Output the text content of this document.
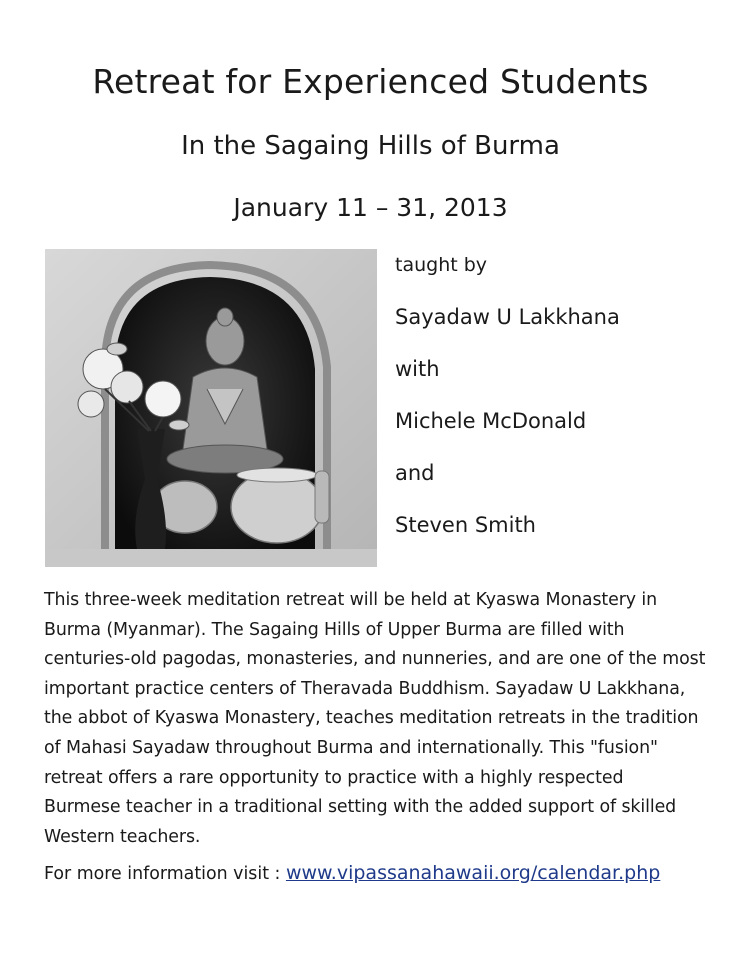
Retreat for Experienced Students
In the Sagaing Hills of Burma
January 11 – 31, 2013
taught by
Sayadaw U Lakkhana
with
Michele McDonald
and
Steven Smith
This three-week meditation retreat will be held at Kyaswa Monastery in
Burma (Myanmar). The Sagaing Hills of Upper Burma are filled with
centuries-old pagodas, monasteries, and nunneries, and are one of the most
important practice centers of Theravada Buddhism. Sayadaw U Lakkhana,
the abbot of Kyaswa Monastery, teaches meditation retreats in the tradition
of Mahasi Sayadaw throughout Burma and internationally. This "fusion"
retreat offers a rare opportunity to practice with a highly respected
Burmese teacher in a traditional setting with the added support of skilled
Western teachers.
For more information visit : www.vipassanahawaii.org/calendar.php
